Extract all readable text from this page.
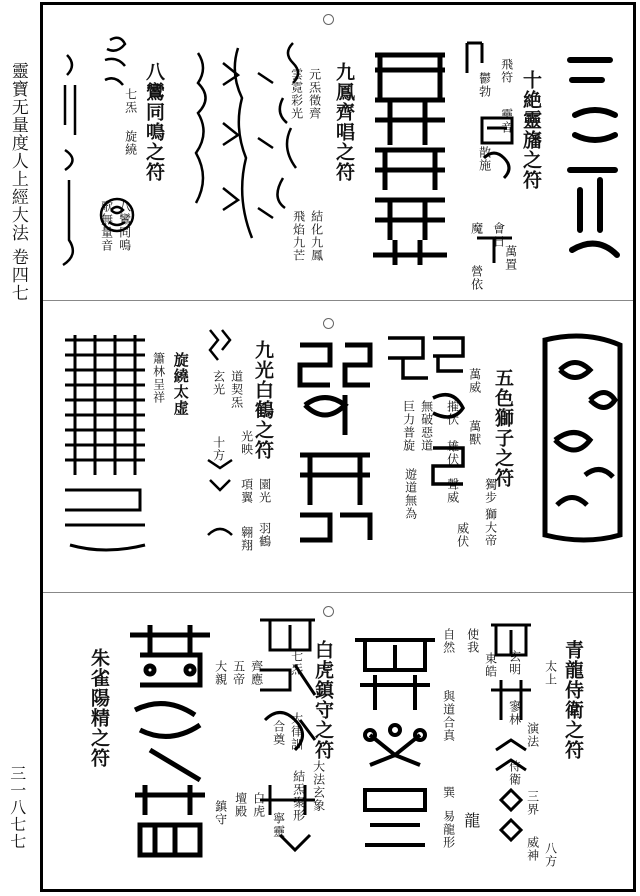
靈寶无量度人上經大法
卷四七
三一八七七
十絶靈旛之符
飛符
靈音
鬱勃
散施
萬置
魔 會日
營依
九鳳齊唱之符
元炁徵齊
雲霓彩光
結化九鳳
飛焰九芒
八鸞同鳴之符
七炁
旋繞
八鸞同鳴
歌無量音
五色獅子之符
萬威
萬獸
摧伏
雄伏
無破惡道
巨力普旋
遊道無為	獨步
獅大帝
威伏
聲威
九光白鶴之符
道契炁
玄光
十方 光映
項翼 園光
羽鶴
翱翔
旋繞太虚
簫林呈祥
青龍侍衛之符
太上
玄明
東皓
寥林
演法
三界
八方
侍衛
威神
使我
自然
與道合真
龍
巽
易龍形
白虎鎮守之符
七炁
齊應
五帝
大親
大律訓
合奠
大法玄象
結炁聚形
白虎
壇殿
鎮守	寧靈
朱雀陽精之符
